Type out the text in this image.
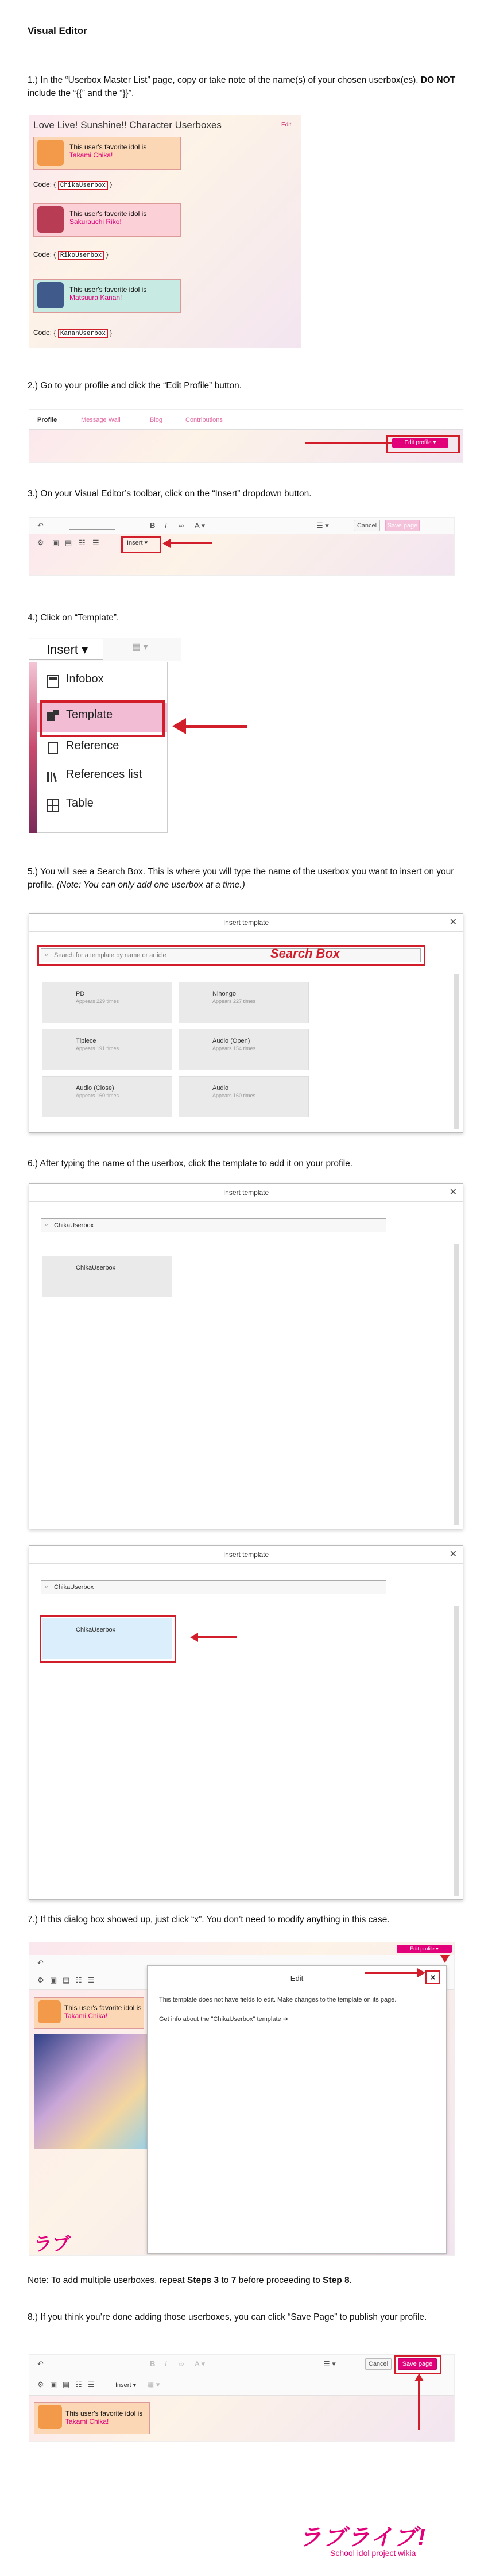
Visual Editor
1.) In the “Userbox Master List” page, copy or take note of the name(s) of your chosen userbox(es). DO NOT include the “{{” and the “}}”.
Love Live! Sunshine!! Character Userboxes	Edit
This user's favorite idol is
Takami Chika!
Code: { ChikaUserbox }
This user's favorite idol is
Sakurauchi Riko!
Code: { RikoUserbox }
This user's favorite idol is
Matsuura Kanan!
Code: { KananUserbox }
2.) Go to your profile and click the “Edit Profile” button.
Profile	Message Wall	Blog	Contributions
Edit profile ▾
3.) On your Visual Editor’s toolbar, click on the “Insert” dropdown button.
↶	B I ∞ A ▾	☰ ▾	Cancel	Save page
⚙ ▣ ▤ ☷ ☰	Insert ▾
4.) Click on “Template”.
Insert ▾
Infobox
Template
Reference
References list
Table
▤ ▾
5.) You will see a Search Box. This is where you will type the name of the userbox you want to insert on your profile. (Note: You can only add one userbox at a time.)
Insert template	✕
⌕ Search for a template by name or article	Search Box
PD
Appears 229 times
Nihongo
Appears 227 times
Tlpiece
Appears 191 times
Audio (Open)
Appears 154 times
Audio (Close)
Appears 160 times
Audio
Appears 160 times
6.) After typing the name of the userbox, click the template to add it on your profile.
Insert template	✕
⌕ ChikaUserbox
ChikaUserbox
Insert template	✕
⌕ ChikaUserbox
ChikaUserbox
7.) If this dialog box showed up, just click “x”. You don’t need to modify anything in this case.
↶
⚙ ▣ ▤ ☷ ☰
Edit profile ▾
This user's favorite idol is
Takami Chika!
ラブ
Edit	✕
This template does not have fields to edit. Make changes to the template on its page.
Get info about the "ChikaUserbox" template ➔
Note: To add multiple userboxes, repeat Steps 3 to 7 before proceeding to Step 8.
8.) If you think you’re done adding those userboxes, you can click “Save Page” to publish your profile.
↶	B I ∞ A ▾	☰ ▾	Cancel	Save page
⚙ ▣ ▤ ☷ ☰	Insert ▾ ▦ ▾
This user's favorite idol is
Takami Chika!
ラブライブ!
School idol project wikia
